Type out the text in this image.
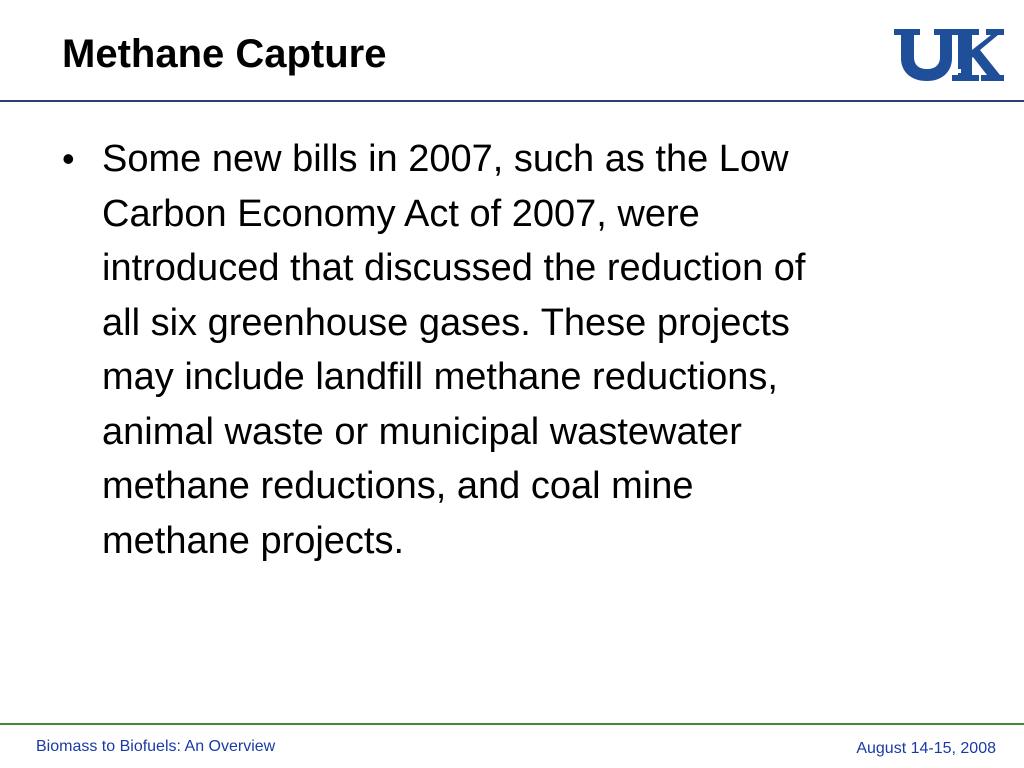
Methane Capture
• Some new bills in 2007, such as the Low
Carbon Economy Act of 2007, were
introduced that discussed the reduction of
all six greenhouse gases. These projects
may include landfill methane reductions,
animal waste or municipal wastewater
methane reductions, and coal mine
methane projects.
Biomass to Biofuels: An Overview	August 14-15, 2008
